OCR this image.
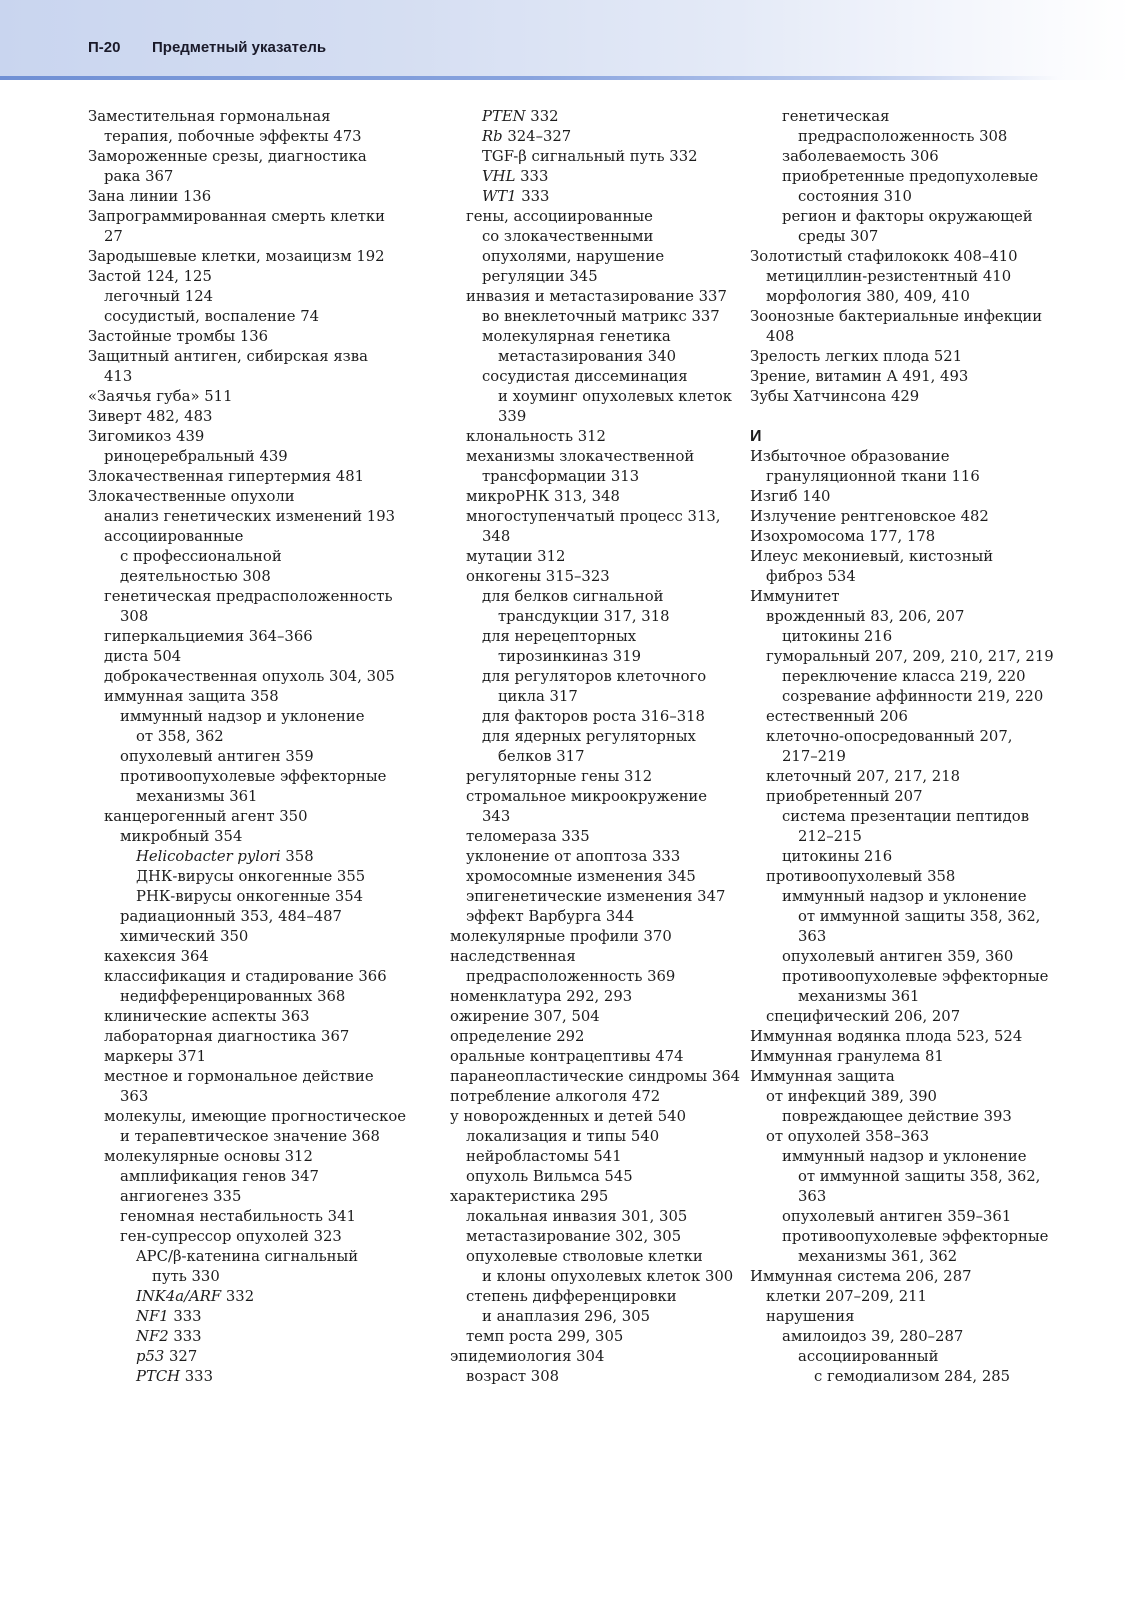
П-20 Предметный указатель
Заместительная гормональная
терапия, побочные эффекты 473
Замороженные срезы, диагностика
рака 367
Зана линии 136
Запрограммированная смерть клетки
27
Зародышевые клетки, мозаицизм 192
Застой 124, 125
легочный 124
сосудистый, воспаление 74
Застойные тромбы 136
Защитный антиген, сибирская язва
413
«Заячья губа» 511
Зиверт 482, 483
Зигомикоз 439
риноцеребральный 439
Злокачественная гипертермия 481
Злокачественные опухоли
анализ генетических изменений 193
ассоциированные
с профессиональной
деятельностью 308
генетическая предрасположенность
308
гиперкальциемия 364–366
диста 504
доброкачественная опухоль 304, 305
иммунная защита 358
иммунный надзор и уклонение
от 358, 362
опухолевый антиген 359
противоопухолевые эффекторные
механизмы 361
канцерогенный агент 350
микробный 354
Helicobacter pylori 358
ДНК-вирусы онкогенные 355
РНК-вирусы онкогенные 354
радиационный 353, 484–487
химический 350
кахексия 364
классификация и стадирование 366
недифференцированных 368
клинические аспекты 363
лабораторная диагностика 367
маркеры 371
местное и гормональное действие
363
молекулы, имеющие прогностическое
и терапевтическое значение 368
молекулярные основы 312
амплификация генов 347
ангиогенез 335
геномная нестабильность 341
ген-супрессор опухолей 323
APC/β-катенина сигнальный
путь 330
INK4a/ARF 332
NF1 333
NF2 333
p53 327
PTCH 333
PTEN 332
Rb 324–327
TGF-β сигнальный путь 332
VHL 333
WT1 333
гены, ассоциированные
со злокачественными
опухолями, нарушение
регуляции 345
инвазия и метастазирование 337
во внеклеточный матрикс 337
молекулярная генетика
метастазирования 340
сосудистая диссеминация
и хоуминг опухолевых клеток
339
клональность 312
механизмы злокачественной
трансформации 313
микроРНК 313, 348
многоступенчатый процесс 313,
348
мутации 312
онкогены 315–323
для белков сигнальной
трансдукции 317, 318
для нерецепторных
тирозинкиназ 319
для регуляторов клеточного
цикла 317
для факторов роста 316–318
для ядерных регуляторных
белков 317
регуляторные гены 312
стромальное микроокружение
343
теломераза 335
уклонение от апоптоза 333
хромосомные изменения 345
эпигенетические изменения 347
эффект Варбурга 344
молекулярные профили 370
наследственная
предрасположенность 369
номенклатура 292, 293
ожирение 307, 504
определение 292
оральные контрацептивы 474
паранеопластические синдромы 364
потребление алкоголя 472
у новорожденных и детей 540
локализация и типы 540
нейробластомы 541
опухоль Вильмса 545
характеристика 295
локальная инвазия 301, 305
метастазирование 302, 305
опухолевые стволовые клетки
и клоны опухолевых клеток 300
степень дифференцировки
и анаплазия 296, 305
темп роста 299, 305
эпидемиология 304
возраст 308
генетическая
предрасположенность 308
заболеваемость 306
приобретенные предопухолевые
состояния 310
регион и факторы окружающей
среды 307
Золотистый стафилококк 408–410
метициллин-резистентный 410
морфология 380, 409, 410
Зоонозные бактериальные инфекции
408
Зрелость легких плода 521
Зрение, витамин А 491, 493
Зубы Хатчинсона 429
И
Избыточное образование
грануляционной ткани 116
Изгиб 140
Излучение рентгеновское 482
Изохромосома 177, 178
Илеус мекониевый, кистозный
фиброз 534
Иммунитет
врожденный 83, 206, 207
цитокины 216
гуморальный 207, 209, 210, 217, 219
переключение класса 219, 220
созревание аффинности 219, 220
естественный 206
клеточно-опосредованный 207,
217–219
клеточный 207, 217, 218
приобретенный 207
система презентации пептидов
212–215
цитокины 216
противоопухолевый 358
иммунный надзор и уклонение
от иммунной защиты 358, 362,
363
опухолевый антиген 359, 360
противоопухолевые эффекторные
механизмы 361
специфический 206, 207
Иммунная водянка плода 523, 524
Иммунная гранулема 81
Иммунная защита
от инфекций 389, 390
повреждающее действие 393
от опухолей 358–363
иммунный надзор и уклонение
от иммунной защиты 358, 362,
363
опухолевый антиген 359–361
противоопухолевые эффекторные
механизмы 361, 362
Иммунная система 206, 287
клетки 207–209, 211
нарушения
амилоидоз 39, 280–287
ассоциированный
с гемодиализом 284, 285
